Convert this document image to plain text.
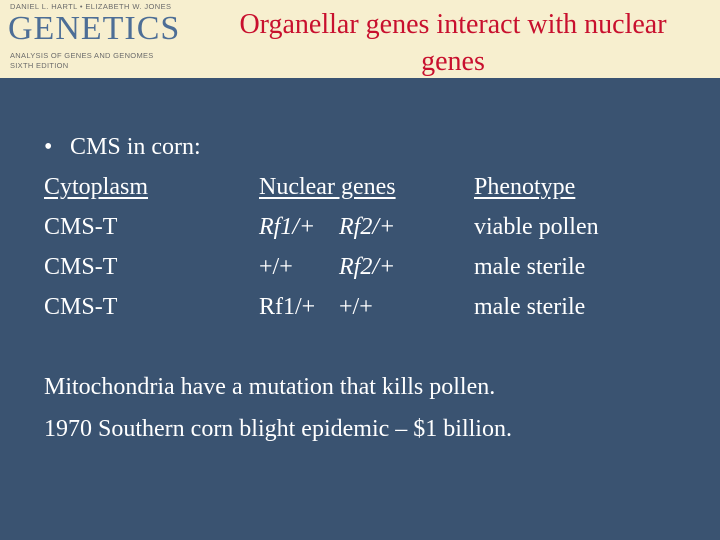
DANIEL L. HARTL • ELIZABETH W. JONES
GENETICS
ANALYSIS OF GENES AND GENOMES
SIXTH EDITION
Organellar genes interact with nuclear
genes
• CMS in corn:
Cytoplasm	Nuclear genes	Phenotype
CMS-T	Rf1/+ Rf2/+	viable pollen
CMS-T	+/+ Rf2/+	male sterile
CMS-T	Rf1/+ +/+	male sterile
Mitochondria have a mutation that kills pollen.
1970 Southern corn blight epidemic – $1 billion.
